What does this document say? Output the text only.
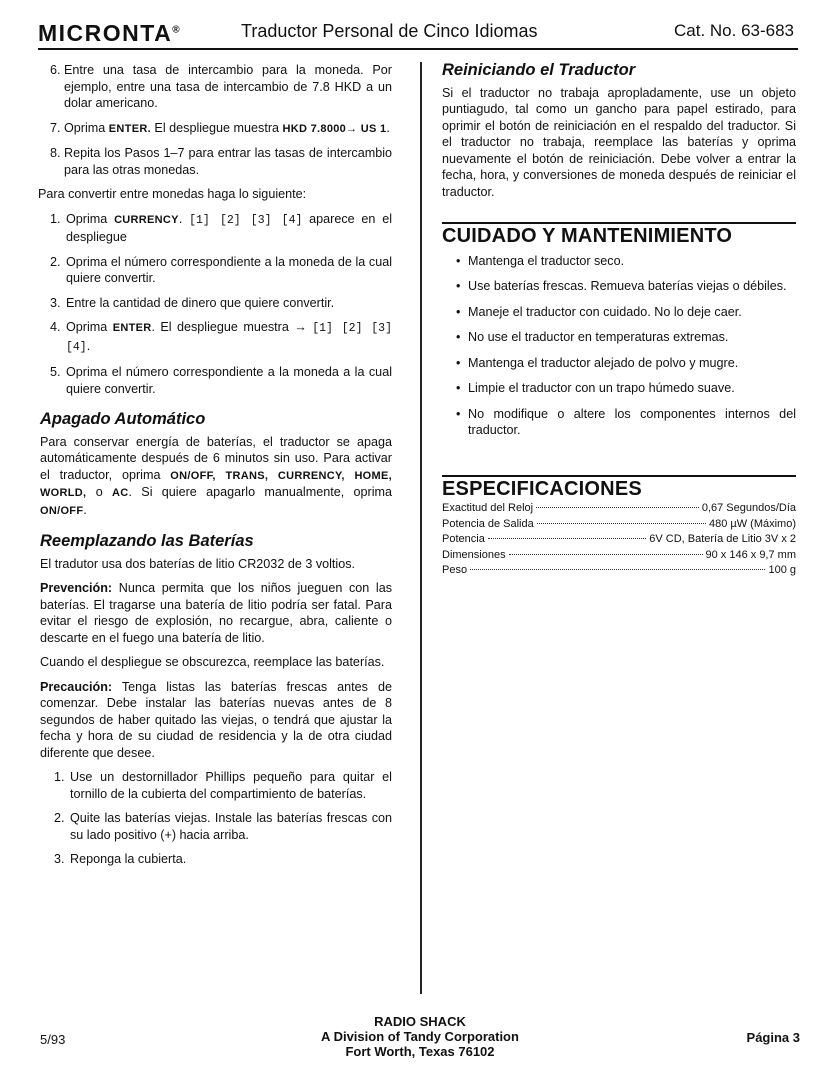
MICRONTA®	Traductor Personal de Cinco Idiomas	Cat. No. 63-683
6. Entre una tasa de intercambio para la moneda. Por ejemplo, entre una tasa de intercambio de 7.8 HKD a un dolar americano.
7. Oprima ENTER. El despliegue muestra HKD 7.8000→ US 1.
8. Repita los Pasos 1–7 para entrar las tasas de intercambio para las otras monedas.

Para convertir entre monedas haga lo siguiente:

1. Oprima CURRENCY. [1] [2] [3] [4] aparece en el despliegue
2. Oprima el número correspondiente a la moneda de la cual quiere convertir.
3. Entre la cantidad de dinero que quiere convertir.
4. Oprima ENTER. El despliegue muestra → [1] [2] [3] [4].
5. Oprima el número correspondiente a la moneda a la cual quiere convertir.
Apagado Automático

Para conservar energía de baterías, el traductor se apaga automáticamente después de 6 minutos sin uso. Para activar el traductor, oprima ON/OFF, TRANS, CURRENCY, HOME, WORLD, o AC. Si quiere apagarlo manualmente, oprima ON/OFF.

Reemplazando las Baterías

El tradutor usa dos baterías de litio CR2032 de 3 voltios.

Prevención: Nunca permita que los niños jueguen con las baterías. El tragarse una batería de litio podría ser fatal. Para evitar el riesgo de explosión, no recargue, abra, caliente o descarte en el fuego una batería de litio.

Cuando el despliegue se obscurezca, reemplace las baterías.

Precaución: Tenga listas las baterías frescas antes de comenzar. Debe instalar las baterías nuevas antes de 8 segundos de haber quitado las viejas, o tendrá que ajustar la fecha y hora de su ciudad de residencia y la de otra ciudad diferente que desee.

1. Use un destornillador Phillips pequeño para quitar el tornillo de la cubierta del compartimiento de baterías.
2. Quite las baterías viejas. Instale las baterías frescas con su lado positivo (+) hacia arriba.
3. Reponga la cubierta.
Reiniciando el Traductor

Si el traductor no trabaja apropladamente, use un objeto puntiagudo, tal como un gancho para papel estirado, para oprimir el botón de reiniciación en el respaldo del traductor. Si el traductor no trabaja, reemplace las baterías y oprima nuevamente el botón de reiniciación. Debe volver a entrar la fecha, hora, y conversiones de moneda después de reiniciar el traductor.

CUIDADO Y MANTENIMIENTO
• Mantenga el traductor seco.
• Use baterías frescas. Remueva baterías viejas o débiles.
• Maneje el traductor con cuidado. No lo deje caer.
• No use el traductor en temperaturas extremas.
• Mantenga el traductor alejado de polvo y mugre.
• Limpie el traductor con un trapo húmedo suave.
• No modifique o altere los componentes internos del traductor.
ESPECIFICACIONES
Exactitud del Reloj	0,67 Segundos/Día
Potencia de Salida	480 µW (Máximo)
Potencia	6V CD, Batería de Litio 3V x 2
Dimensiones	90 x 146 x 9,7 mm
Peso	100 g
5/93
RADIO SHACK
A Division of Tandy Corporation
Fort Worth, Texas 76102
Página 3
